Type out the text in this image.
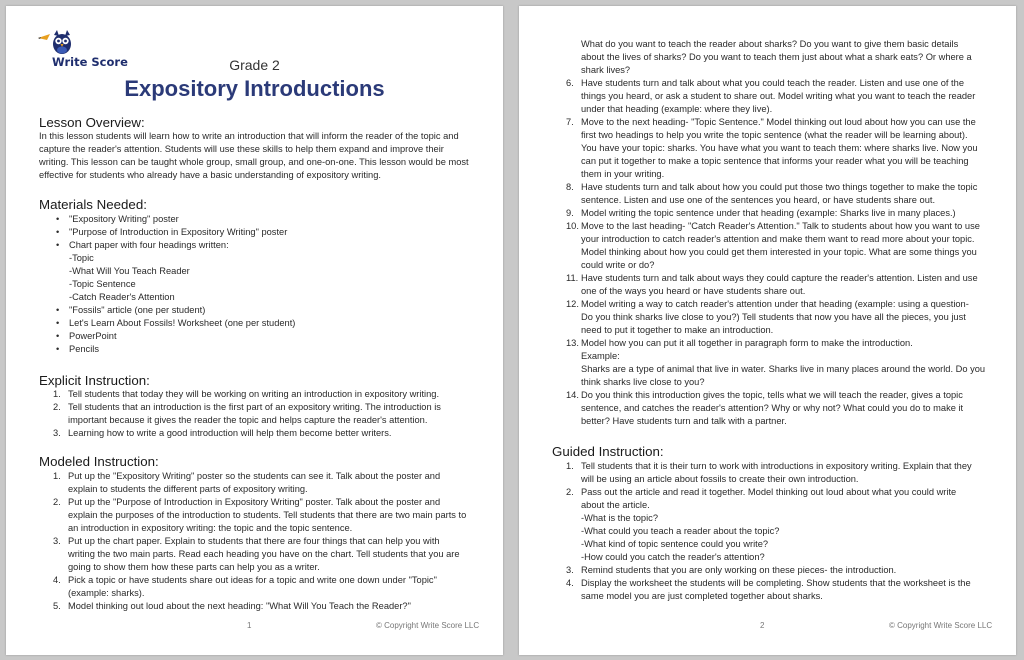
Write Score	Grade 2
Expository Introductions
Lesson Overview:
In this lesson students will learn how to write an introduction that will inform the reader of the topic and
capture the reader's attention. Students will use these skills to help them expand and improve their
writing. This lesson can be taught whole group, small group, and one-on-one. This lesson would be most
effective for students who already have a basic understanding of expository writing.
Materials Needed:
• "Expository Writing" poster
• "Purpose of Introduction in Expository Writing" poster
• Chart paper with four headings written:
-Topic
-What Will You Teach Reader
-Topic Sentence
-Catch Reader's Attention
• "Fossils" article (one per student)
• Let's Learn About Fossils! Worksheet (one per student)
• PowerPoint
• Pencils
Explicit Instruction:
1. Tell students that today they will be working on writing an introduction in expository writing.
2. Tell students that an introduction is the first part of an expository writing. The introduction is
important because it gives the reader the topic and helps capture the reader's attention.
3. Learning how to write a good introduction will help them become better writers.
Modeled Instruction:
1. Put up the "Expository Writing" poster so the students can see it. Talk about the poster and
explain to students the different parts of expository writing.
2. Put up the "Purpose of Introduction in Expository Writing" poster. Talk about the poster and
explain the purposes of the introduction to students. Tell students that there are two main parts to
an introduction in expository writing: the topic and the topic sentence.
3. Put up the chart paper. Explain to students that there are four things that can help you with
writing the two main parts. Read each heading you have on the chart. Tell students that you are
going to show them how these parts can help you as a writer.
4. Pick a topic or have students share out ideas for a topic and write one down under "Topic"
(example: sharks).
5. Model thinking out loud about the next heading: "What Will You Teach the Reader?"
1	© Copyright Write Score LLC
What do you want to teach the reader about sharks? Do you want to give them basic details
about the lives of sharks? Do you want to teach them just about what a shark eats? Or where a
shark lives?
6. Have students turn and talk about what you could teach the reader. Listen and use one of the
things you heard, or ask a student to share out. Model writing what you want to teach the reader
under that heading (example: where they live).
7. Move to the next heading- "Topic Sentence." Model thinking out loud about how you can use the
first two headings to help you write the topic sentence (what the reader will be learning about).
You have your topic: sharks. You have what you want to teach them: where sharks live. Now you
can put it together to make a topic sentence that informs your reader what you will be teaching
them in your writing.
8. Have students turn and talk about how you could put those two things together to make the topic
sentence. Listen and use one of the sentences you heard, or have students share out.
9. Model writing the topic sentence under that heading (example: Sharks live in many places.)
10. Move to the last heading- "Catch Reader's Attention." Talk to students about how you want to use
your introduction to catch reader's attention and make them want to read more about your topic.
Model thinking about how you could get them interested in your topic. What are some things you
could write or do?
11. Have students turn and talk about ways they could capture the reader's attention. Listen and use
one of the ways you heard or have students share out.
12. Model writing a way to catch reader's attention under that heading (example: using a question-
Do you think sharks live close to you?) Tell students that now you have all the pieces, you just
need to put it together to make an introduction.
13. Model how you can put it all together in paragraph form to make the introduction.
Example:
Sharks are a type of animal that live in water. Sharks live in many places around the world. Do you
think sharks live close to you?
14. Do you think this introduction gives the topic, tells what we will teach the reader, gives a topic
sentence, and catches the reader's attention? Why or why not? What could you do to make it
better? Have students turn and talk with a partner.
Guided Instruction:
1. Tell students that it is their turn to work with introductions in expository writing. Explain that they
will be using an article about fossils to create their own introduction.
2. Pass out the article and read it together. Model thinking out loud about what you could write
about the article.
-What is the topic?
-What could you teach a reader about the topic?
-What kind of topic sentence could you write?
-How could you catch the reader's attention?
3. Remind students that you are only working on these pieces- the introduction.
4. Display the worksheet the students will be completing. Show students that the worksheet is the
same model you are just completed together about sharks.
2	© Copyright Write Score LLC
